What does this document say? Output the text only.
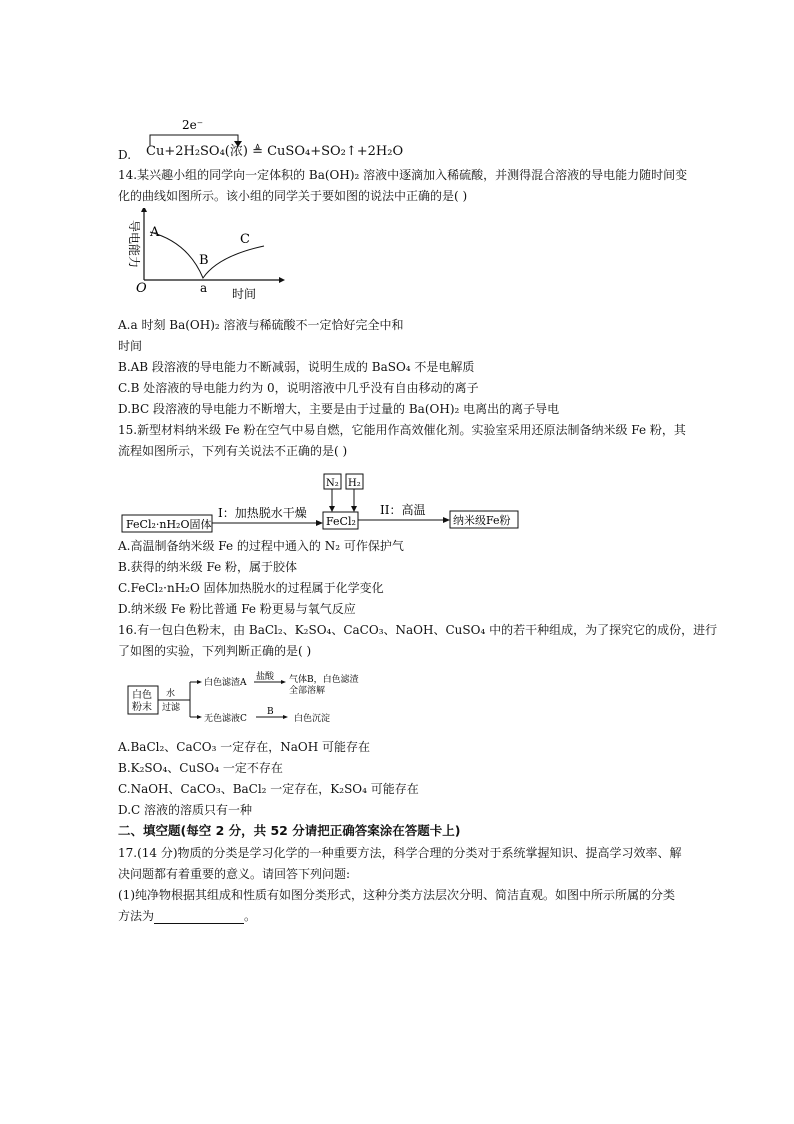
D.
2e⁻
Cu+2H₂SO₄(浓) ≜ CuSO₄+SO₂↑+2H₂O
14.某兴趣小组的同学向一定体积的 Ba(OH)₂ 溶液中逐滴加入稀硫酸，并测得混合溶液的导电能力随时间变
化的曲线如图所示。该小组的同学关于要如图的说法中正确的是( )
导电能力 A
B
C
O	a 时间
A.a 时刻 Ba(OH)₂ 溶液与稀硫酸不一定恰好完全中和
时间
B.AB 段溶液的导电能力不断减弱，说明生成的 BaSO₄ 不是电解质
C.B 处溶液的导电能力约为 0，说明溶液中几乎没有自由移动的离子
D.BC 段溶液的导电能力不断增大，主要是由于过量的 Ba(OH)₂ 电离出的离子导电
15.新型材料纳米级 Fe 粉在空气中易自燃，它能用作高效催化剂。实验室采用还原法制备纳米级 Fe 粉，其
流程如图所示，下列有关说法不正确的是( )
FeCl₂·nH₂O固体
I：加热脱水干燥
N₂ H₂
FeCl₂
II：高温
纳米级Fe粉
A.高温制备纳米级 Fe 的过程中通入的 N₂ 可作保护气
B.获得的纳米级 Fe 粉，属于胶体
C.FeCl₂·nH₂O 固体加热脱水的过程属于化学变化
D.纳米级 Fe 粉比普通 Fe 粉更易与氧气反应
16.有一包白色粉末，由 BaCl₂、K₂SO₄、CaCO₃、NaOH、CuSO₄ 中的若干种组成，为了探究它的成份，进行
了如图的实验，下列判断正确的是( )
白色
粉末
水
过滤
白色滤渣A
盐酸 气体B，白色滤渣
全部溶解
无色滤液C
B
白色沉淀
A.BaCl₂、CaCO₃ 一定存在，NaOH 可能存在
B.K₂SO₄、CuSO₄ 一定不存在
C.NaOH、CaCO₃、BaCl₂ 一定存在，K₂SO₄ 可能存在
D.C 溶液的溶质只有一种
二、填空题(每空 2 分，共 52 分请把正确答案涂在答题卡上)
17.(14 分)物质的分类是学习化学的一种重要方法，科学合理的分类对于系统掌握知识、提高学习效率、解
决问题都有着重要的意义。请回答下列问题:
(1)纯净物根据其组成和性质有如图分类形式，这种分类方法层次分明、简洁直观。如图中所示所属的分类
方法为	。
